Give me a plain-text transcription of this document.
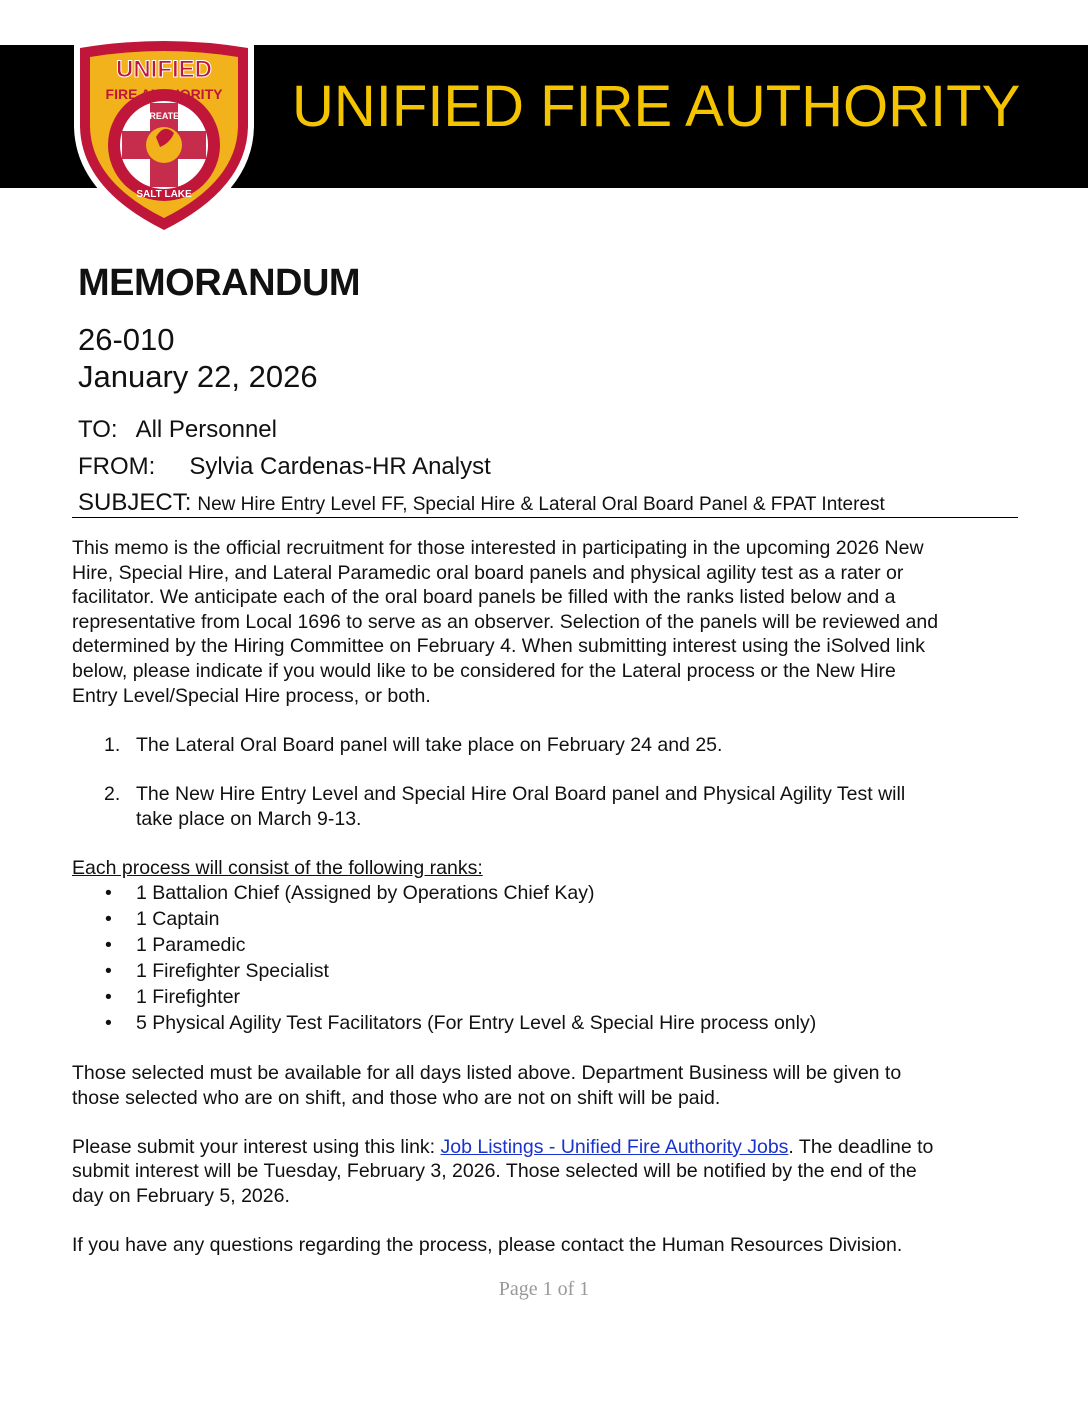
UNIFIED FIRE AUTHORITY
UNIFIED
FIRE AUTHORITY
GREATER
SALT LAKE
MEMORANDUM
26-010
January 22, 2026
TO: All Personnel
FROM: Sylvia Cardenas-HR Analyst
SUBJECT: New Hire Entry Level FF, Special Hire & Lateral Oral Board Panel & FPAT Interest

This memo is the official recruitment for those interested in participating in the upcoming 2026 New

Hire, Special Hire, and Lateral Paramedic oral board panels and physical agility test as a rater or

facilitator. We anticipate each of the oral board panels be filled with the ranks listed below and a

representative from Local 1696 to serve as an observer. Selection of the panels will be reviewed and

determined by the Hiring Committee on February 4. When submitting interest using the iSolved link

below, please indicate if you would like to be considered for the Lateral process or the New Hire

Entry Level/Special Hire process, or both.

1. The Lateral Oral Board panel will take place on February 24 and 25.

2. The New Hire Entry Level and Special Hire Oral Board panel and Physical Agility Test will

take place on March 9-13.

Each process will consist of the following ranks:

• 1 Battalion Chief (Assigned by Operations Chief Kay)
• 1 Captain
• 1 Paramedic
• 1 Firefighter Specialist
• 1 Firefighter
• 5 Physical Agility Test Facilitators (For Entry Level & Special Hire process only)

Those selected must be available for all days listed above. Department Business will be given to

those selected who are on shift, and those who are not on shift will be paid.

Please submit your interest using this link: Job Listings - Unified Fire Authority Jobs. The deadline to

submit interest will be Tuesday, February 3, 2026. Those selected will be notified by the end of the

day on February 5, 2026.

If you have any questions regarding the process, please contact the Human Resources Division.

Page 1 of 1
